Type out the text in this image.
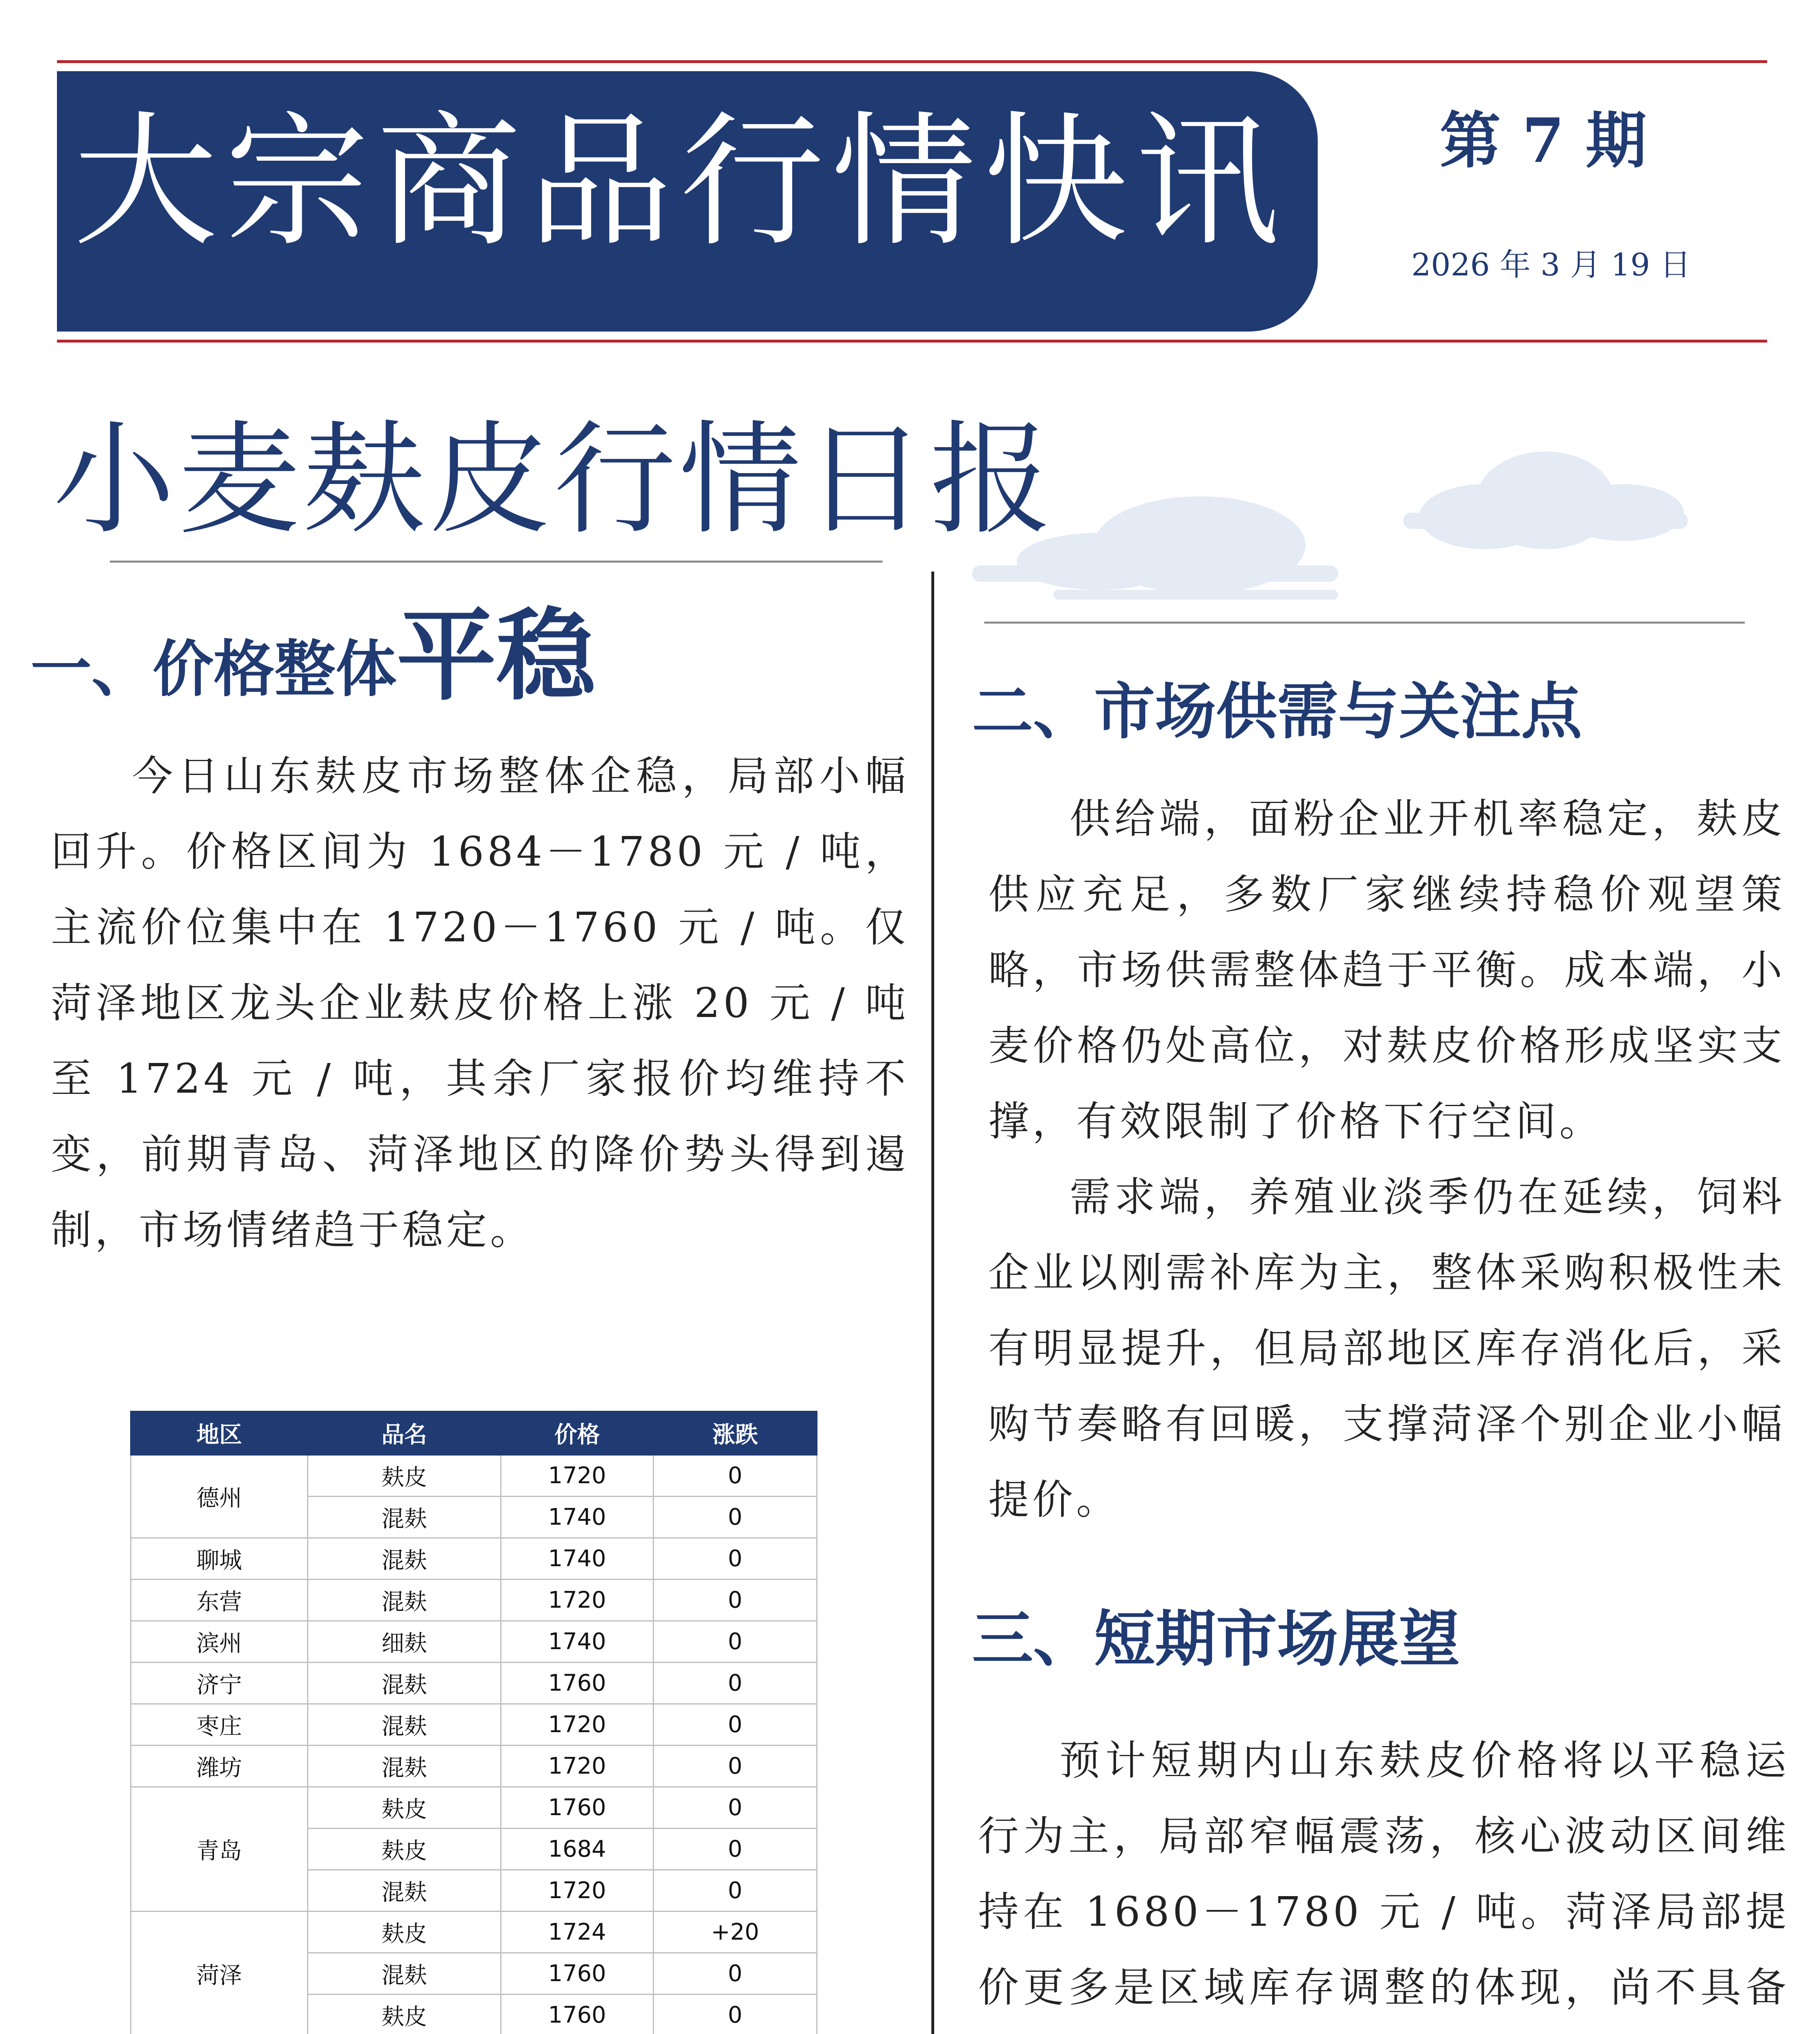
大宗商品行情快讯	第 7 期
2026 年 3 月 19 日
小麦麸皮行情日报
一、价格整体平稳
今日山东麸皮市场整体企稳，局部小幅回升。价格区间为 1684－1780 元 / 吨，主流价位集中在 1720－1760 元 / 吨。仅菏泽地区龙头企业麸皮价格上涨 20 元 / 吨至 1724 元 / 吨，其余厂家报价均维持不变，前期青岛、菏泽地区的降价势头得到遏制，市场情绪趋于稳定。
地区	品名	价格	涨跌
德州	麸皮	1720	0
	混麸	1740	0
聊城	混麸	1740	0
东营	混麸	1720	0
滨州	细麸	1740	0
济宁	混麸	1760	0
枣庄	混麸	1720	0
潍坊	混麸	1720	0
青岛	麸皮	1760	0
	麸皮	1684	0
	混麸	1720	0
菏泽	麸皮	1724	+20
	混麸	1760	0
	麸皮	1760	0

二、市场供需与关注点

供给端，面粉企业开机率稳定，麸皮供应充足，多数厂家继续持稳价观望策略，市场供需整体趋于平衡。成本端，小麦价格仍处高位，对麸皮价格形成坚实支撑，有效限制了价格下行空间。

需求端，养殖业淡季仍在延续，饲料企业以刚需补库为主，整体采购积极性未有明显提升，但局部地区库存消化后，采购节奏略有回暖，支撑菏泽个别企业小幅提价。

三、短期市场展望
预计短期内山东麸皮价格将以平稳运行为主，局部窄幅震荡，核心波动区间维持在 1680－1780 元 / 吨。菏泽局部提价更多是区域库存调整的体现，尚不具备
